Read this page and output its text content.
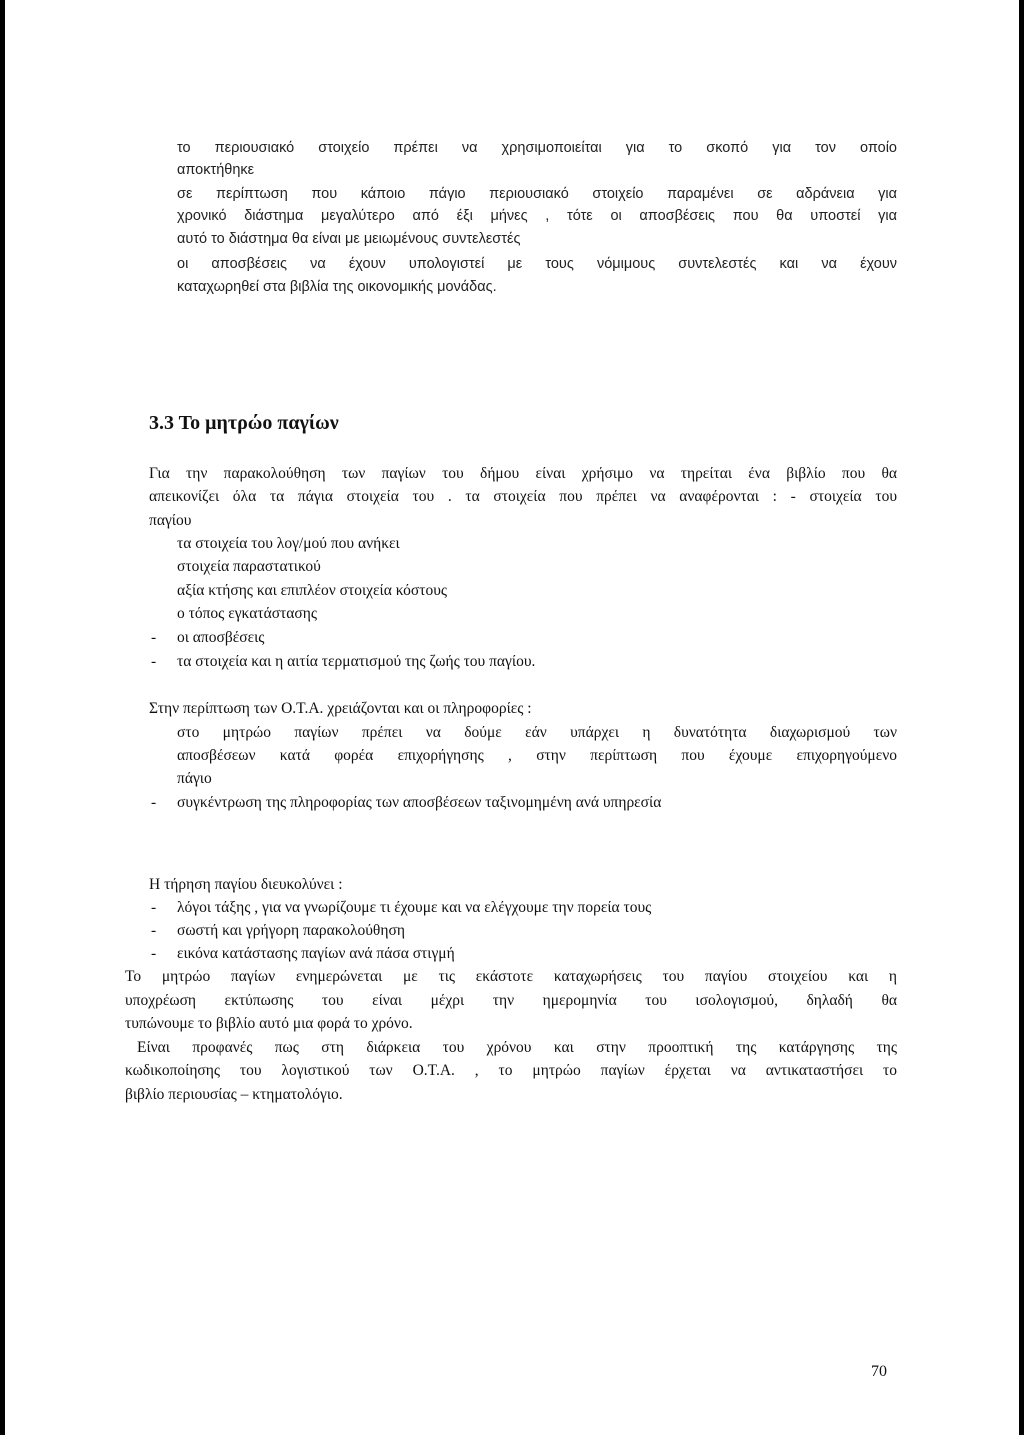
το περιουσιακό στοιχείο πρέπει να χρησιμοποιείται για το σκοπό για τον οποίο
αποκτήθηκε
σε περίπτωση που κάποιο πάγιο περιουσιακό στοιχείο παραμένει σε αδράνεια για
χρονικό διάστημα μεγαλύτερο από έξι μήνες , τότε οι αποσβέσεις που θα υποστεί για
αυτό το διάστημα θα είναι με μειωμένους συντελεστές
οι αποσβέσεις να έχουν υπολογιστεί με τους νόμιμους συντελεστές και να έχουν
καταχωρηθεί στα βιβλία της οικονομικής μονάδας.
3.3 Το μητρώο παγίων
Για την παρακολούθηση των παγίων του δήμου είναι χρήσιμο να τηρείται ένα βιβλίο που θα
απεικονίζει όλα τα πάγια στοιχεία του . τα στοιχεία που πρέπει να αναφέρονται : - στοιχεία του
παγίου
τα στοιχεία του λογ/μού που ανήκει
στοιχεία παραστατικού
αξία κτήσης και επιπλέον στοιχεία κόστους
ο τόπος εγκατάστασης
- οι αποσβέσεις
- τα στοιχεία και η αιτία τερματισμού της ζωής του παγίου.
Στην περίπτωση των Ο.Τ.Α. χρειάζονται και οι πληροφορίες :
στο μητρώο παγίων πρέπει να δούμε εάν υπάρχει η δυνατότητα διαχωρισμού των
αποσβέσεων κατά φορέα επιχορήγησης , στην περίπτωση που έχουμε επιχορηγούμενο
πάγιο
- συγκέντρωση της πληροφορίας των αποσβέσεων ταξινομημένη ανά υπηρεσία
Η τήρηση παγίου διευκολύνει :
- λόγοι τάξης , για να γνωρίζουμε τι έχουμε και να ελέγχουμε την πορεία τους
- σωστή και γρήγορη παρακολούθηση
- εικόνα κατάστασης παγίων ανά πάσα στιγμή
Το μητρώο παγίων ενημερώνεται με τις εκάστοτε καταχωρήσεις του παγίου στοιχείου και η
υποχρέωση εκτύπωσης του είναι μέχρι την ημερομηνία του ισολογισμού, δηλαδή θα
τυπώνουμε το βιβλίο αυτό μια φορά το χρόνο.
Είναι προφανές πως στη διάρκεια του χρόνου και στην προοπτική της κατάργησης της
κωδικοποίησης του λογιστικού των Ο.Τ.Α. , το μητρώο παγίων έρχεται να αντικαταστήσει το
βιβλίο περιουσίας – κτηματολόγιο.
70
